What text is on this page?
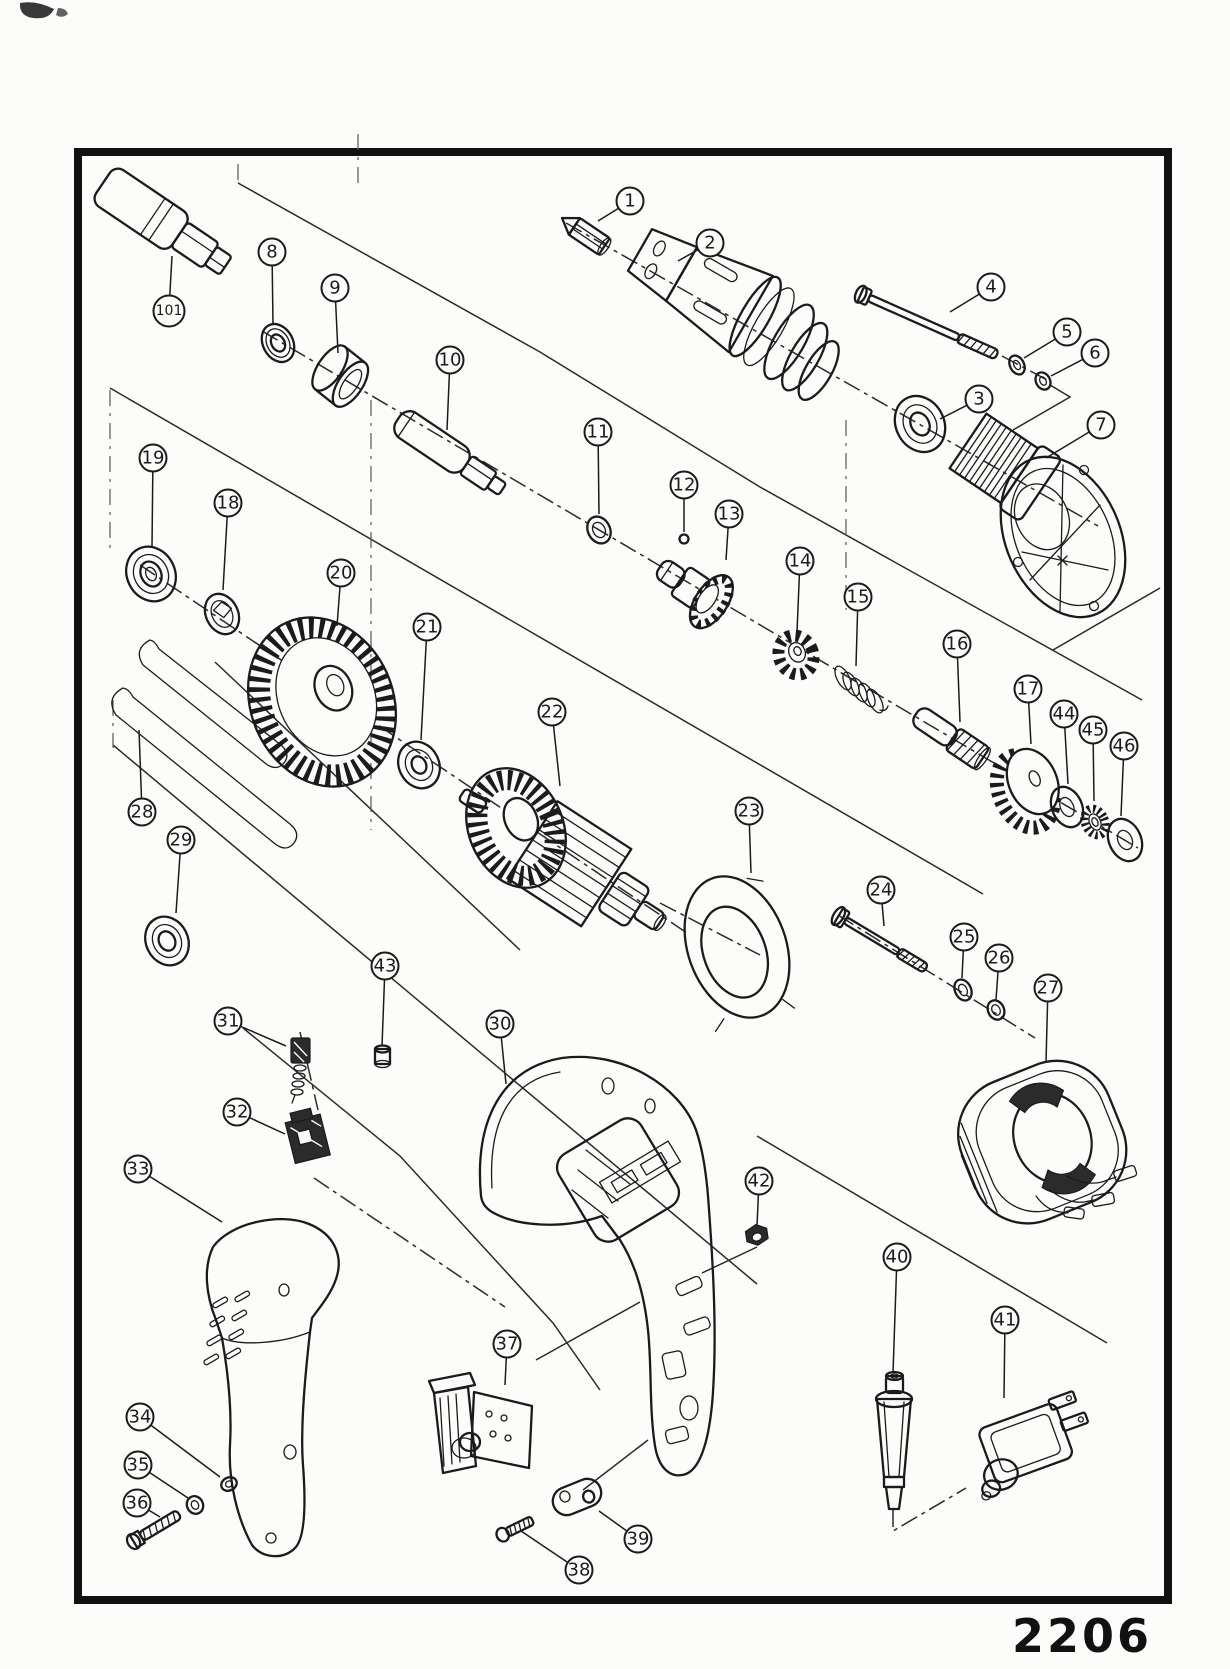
1
2
3
4
5
6
7
8
9
10
11
12
13
14
15
16
17
18
19
20
21
22
23
24
25
26
27
28
29
30
31
32
33
34
35
36
37
38
39
40
41
42
43
44
45
46
101
2206
